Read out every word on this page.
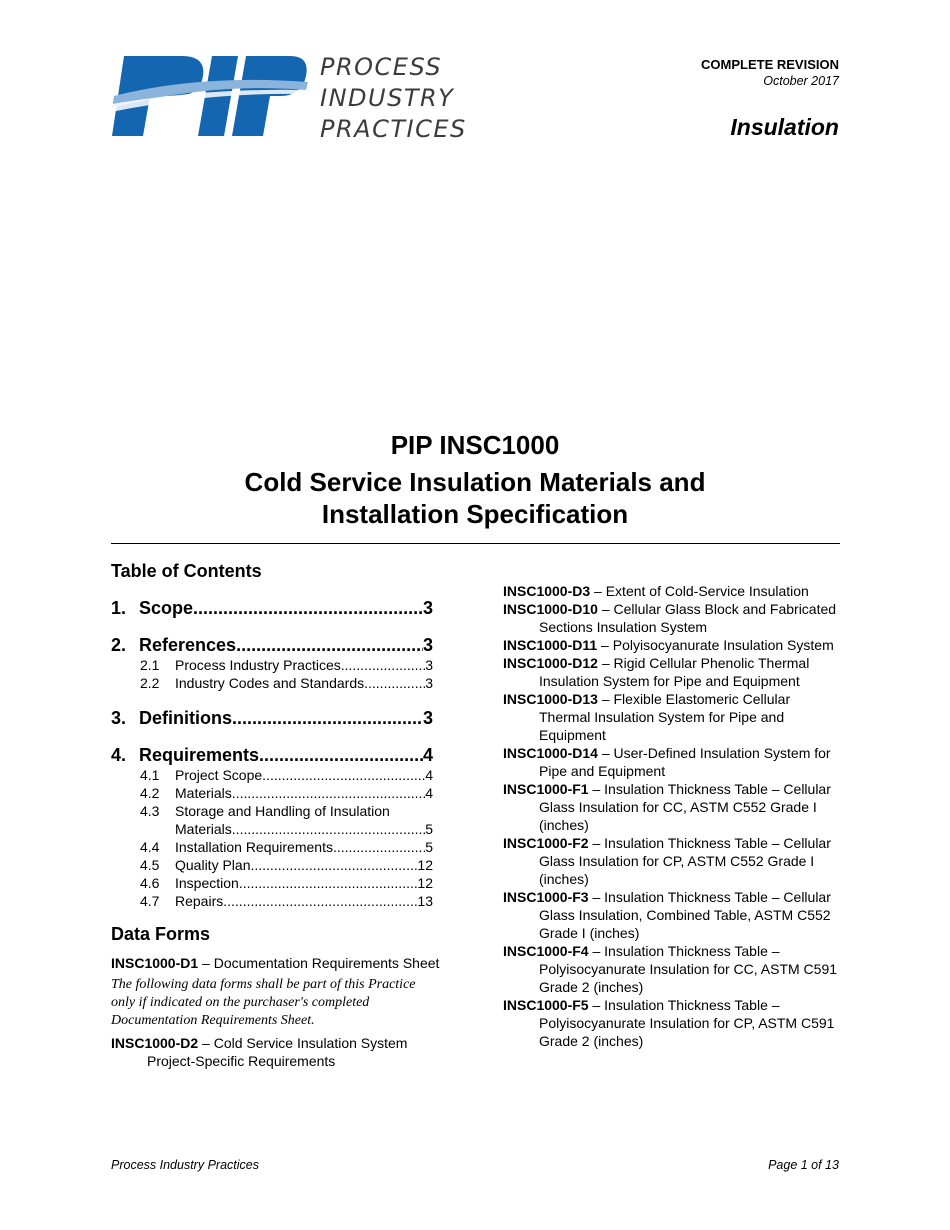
PROCESS
INDUSTRY
PRACTICES
COMPLETE REVISION
October 2017
Insulation
PIP INSC1000
Cold Service Insulation Materials and
Installation Specification
Table of Contents
1. Scope .....	3
2. References .....	3
2.1	Process Industry Practices .....	3
2.2	Industry Codes and Standards .....	3
3. Definitions .....	3
4. Requirements .....	4
4.1	Project Scope .....	4
4.2	Materials .....	4
4.3	Storage and Handling of Insulation
Materials .....	5
4.4	Installation Requirements .....	5
4.5	Quality Plan .....	12
4.6	Inspection .....	12
4.7	Repairs .....	13
Data Forms

INSC1000-D1 – Documentation Requirements Sheet

The following data forms shall be part of this Practice only if indicated on the purchaser's completed Documentation Requirements Sheet.

INSC1000-D2 – Cold Service Insulation System Project-Specific Requirements

INSC1000-D3 – Extent of Cold-Service Insulation

INSC1000-D10 – Cellular Glass Block and Fabricated Sections Insulation System

INSC1000-D11 – Polyisocyanurate Insulation System

INSC1000-D12 – Rigid Cellular Phenolic Thermal Insulation System for Pipe and Equipment

INSC1000-D13 – Flexible Elastomeric Cellular Thermal Insulation System for Pipe and Equipment

INSC1000-D14 – User-Defined Insulation System for Pipe and Equipment

INSC1000-F1 – Insulation Thickness Table – Cellular Glass Insulation for CC, ASTM C552 Grade I (inches)

INSC1000-F2 – Insulation Thickness Table – Cellular Glass Insulation for CP, ASTM C552 Grade I (inches)

INSC1000-F3 – Insulation Thickness Table – Cellular Glass Insulation, Combined Table, ASTM C552 Grade I (inches)

INSC1000-F4 – Insulation Thickness Table – Polyisocyanurate Insulation for CC, ASTM C591 Grade 2 (inches)

INSC1000-F5 – Insulation Thickness Table – Polyisocyanurate Insulation for CP, ASTM C591 Grade 2 (inches)

Process Industry Practices	Page 1 of 13
